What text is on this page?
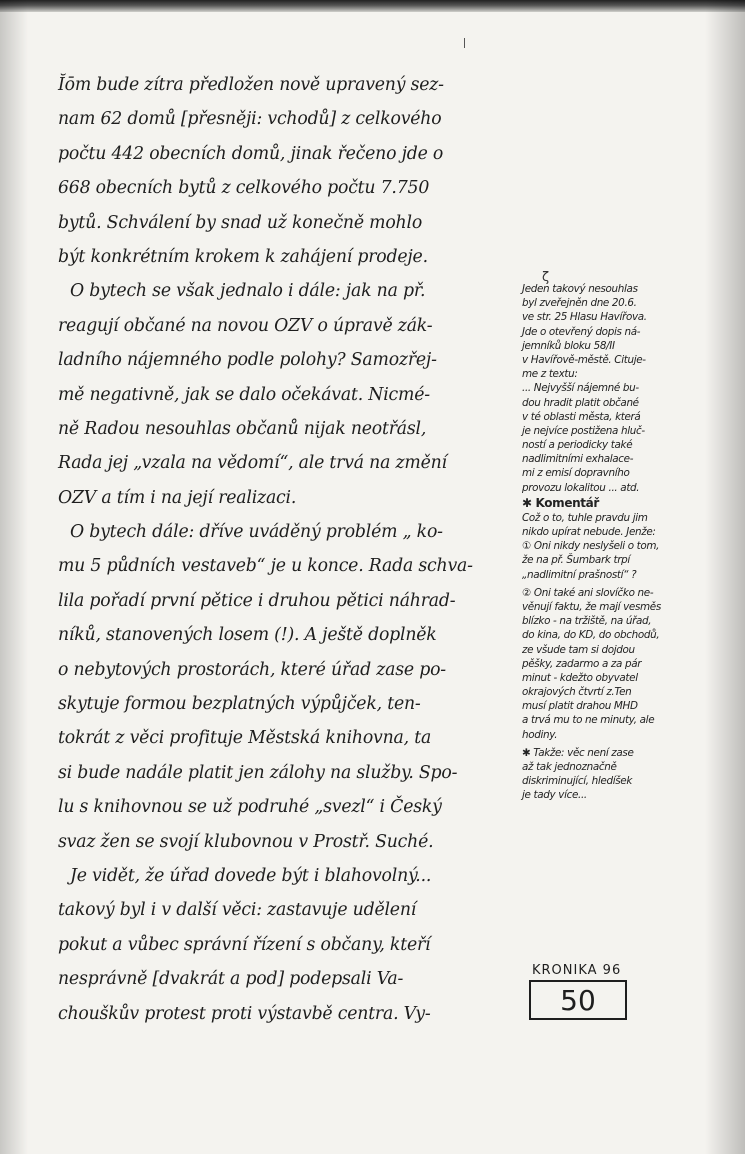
Ĭōm bude zítra předložen nově upravený sez-
nam 62 domů [přesněji: vchodů] z celkového
počtu 442 obecních domů, jinak řečeno jde o
668 obecních bytů z celkového počtu 7.750
bytů. Schválení by snad už konečně mohlo
být konkrétním krokem k zahájení prodeje.
O bytech se však jednalo i dále: jak na př.
reagují občané na novou OZV o úpravě zák-
ladního nájemného podle polohy? Samozřej-
mě negativně, jak se dalo očekávat. Nicmé-
ně Radou nesouhlas občanů nijak neotřásl,
Rada jej „vzala na vědomí“, ale trvá na změní
OZV a tím i na její realizaci.
O bytech dále: dříve uváděný problém „ ko-
mu 5 půdních vestaveb“ je u konce. Rada schva-
lila pořadí první pětice i druhou pětici náhrad-
níků, stanovených losem (!). A ještě doplněk
o nebytových prostorách, které úřad zase po-
skytuje formou bezplatných výpůjček, ten-
tokrát z věci profituje Městská knihovna, ta
si bude nadále platit jen zálohy na služby. Spo-
lu s knihovnou se už podruhé „svezl“ i Český
svaz žen se svojí klubovnou v Prostř. Suché.
Je vidět, že úřad dovede být i blahovolný...
takový byl i v další věci: zastavuje udělení
pokut a vůbec správní řízení s občany, kteří
nesprávně [dvakrát a pod] podepsali Va-
chouškův protest proti výstavbě centra. Vy-
ζ
Jeden takový nesouhlas
byl zveřejněn dne 20.6.
ve str. 25 Hlasu Havířova.
Jde o otevřený dopis ná-
jemníků bloku 58/II
v Havířově-městě. Cituje-
me z textu:
... Nejvyšší nájemné bu-
dou hradit platit občané
v té oblasti města, která
je nejvíce postižena hluč-
ností a periodicky také
nadlimitními exhalace-
mi z emisí dopravního
provozu lokalitou ... atd.
✱ Komentář
Což o to, tuhle pravdu jim
nikdo upírat nebude. Jenže:
① Oni nikdy neslyšeli o tom,
že na př. Šumbark trpí
„nadlimitní prašností“ ?
② Oni také ani slovíčko ne-
věnují faktu, že mají vesměs
blízko - na tržiště, na úřad,
do kina, do KD, do obchodů,
ze všude tam si dojdou
pěšky, zadarmo a za pár
minut - kdežto obyvatel
okrajových čtvrtí z.Ten
musí platit drahou MHD
a trvá mu to ne minuty, ale
hodiny.
✱ Takže: věc není zase
až tak jednoznačně
diskriminující, hledíšek
je tady více...
KRONIKA 96
50
